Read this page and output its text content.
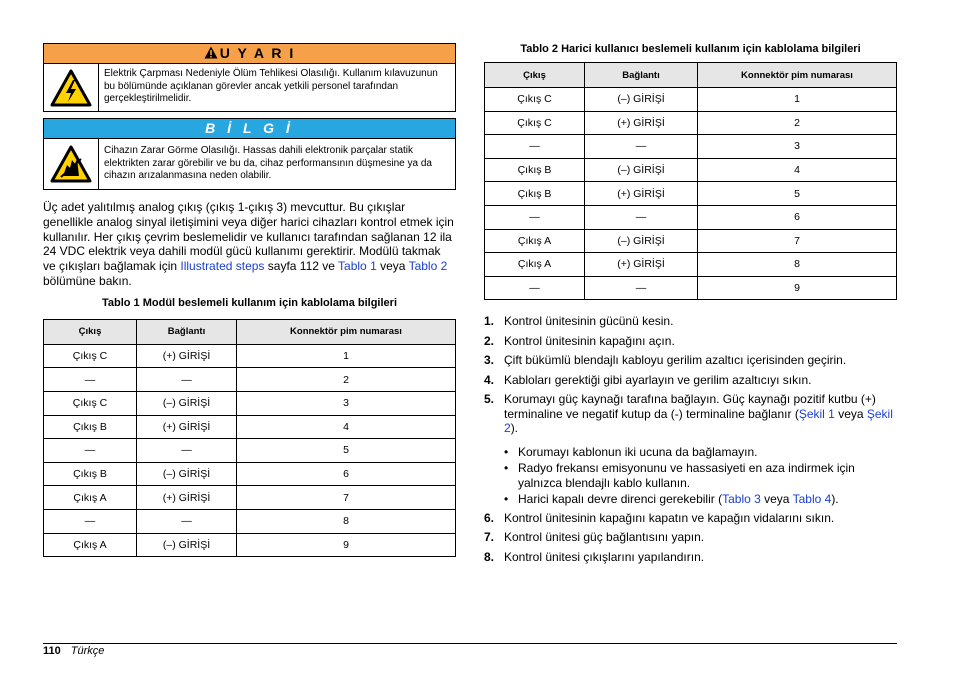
U Y A R I
Elektrik Çarpması Nedeniyle Ölüm Tehlikesi Olasılığı. Kullanım kılavuzunun bu bölümünde açıklanan görevler ancak yetkili personel tarafından gerçekleştirilmelidir.
B İ L G İ
Cihazın Zarar Görme Olasılığı. Hassas dahili elektronik parçalar statik elektrikten zarar görebilir ve bu da, cihaz performansının düşmesine ya da cihazın arızalanmasına neden olabilir.
Üç adet yalıtılmış analog çıkış (çıkış 1-çıkış 3) mevcuttur. Bu çıkışlar genellikle analog sinyal iletişimini veya diğer harici cihazları kontrol etmek için kullanılır. Her çıkış çevrim beslemelidir ve kullanıcı tarafından sağlanan 12 ila 24 VDC elektrik veya dahili modül gücü kullanımı gerektirir. Modülü takmak ve çıkışları bağlamak için Illustrated steps sayfa 112 ve Tablo 1 veya Tablo 2 bölümüne bakın.
Tablo 1 Modül beslemeli kullanım için kablolama bilgileri
Çıkış	Bağlantı	Konnektör pim numarası
Çıkış C	(+) GİRİŞİ	1
—	—	2
Çıkış C	(–) GİRİŞİ	3
Çıkış B	(+) GİRİŞİ	4
—	—	5
Çıkış B	(–) GİRİŞİ	6
Çıkış A	(+) GİRİŞİ	7
—	—	8
Çıkış A	(–) GİRİŞİ	9
Tablo 2 Harici kullanıcı beslemeli kullanım için kablolama bilgileri
Çıkış	Bağlantı	Konnektör pim numarası
Çıkış C	(–) GİRİŞİ	1
Çıkış C	(+) GİRİŞİ	2
—	—	3
Çıkış B	(–) GİRİŞİ	4
Çıkış B	(+) GİRİŞİ	5
—	—	6
Çıkış A	(–) GİRİŞİ	7
Çıkış A	(+) GİRİŞİ	8
—	—	9
1. Kontrol ünitesinin gücünü kesin.
2. Kontrol ünitesinin kapağını açın.
3. Çift bükümlü blendajlı kabloyu gerilim azaltıcı içerisinden geçirin.
4. Kabloları gerektiği gibi ayarlayın ve gerilim azaltıcıyı sıkın.
5. Korumayı güç kaynağı tarafına bağlayın. Güç kaynağı pozitif kutbu (+) terminaline ve negatif kutup da (-) terminaline bağlanır (Şekil 1 veya Şekil 2).
• Korumayı kablonun iki ucuna da bağlamayın.
• Radyo frekansı emisyonunu ve hassasiyeti en aza indirmek için yalnızca blendajlı kablo kullanın.
• Harici kapalı devre direnci gerekebilir (Tablo 3 veya Tablo 4).
6. Kontrol ünitesinin kapağını kapatın ve kapağın vidalarını sıkın.
7. Kontrol ünitesi güç bağlantısını yapın.
8. Kontrol ünitesi çıkışlarını yapılandırın.
110 Türkçe
